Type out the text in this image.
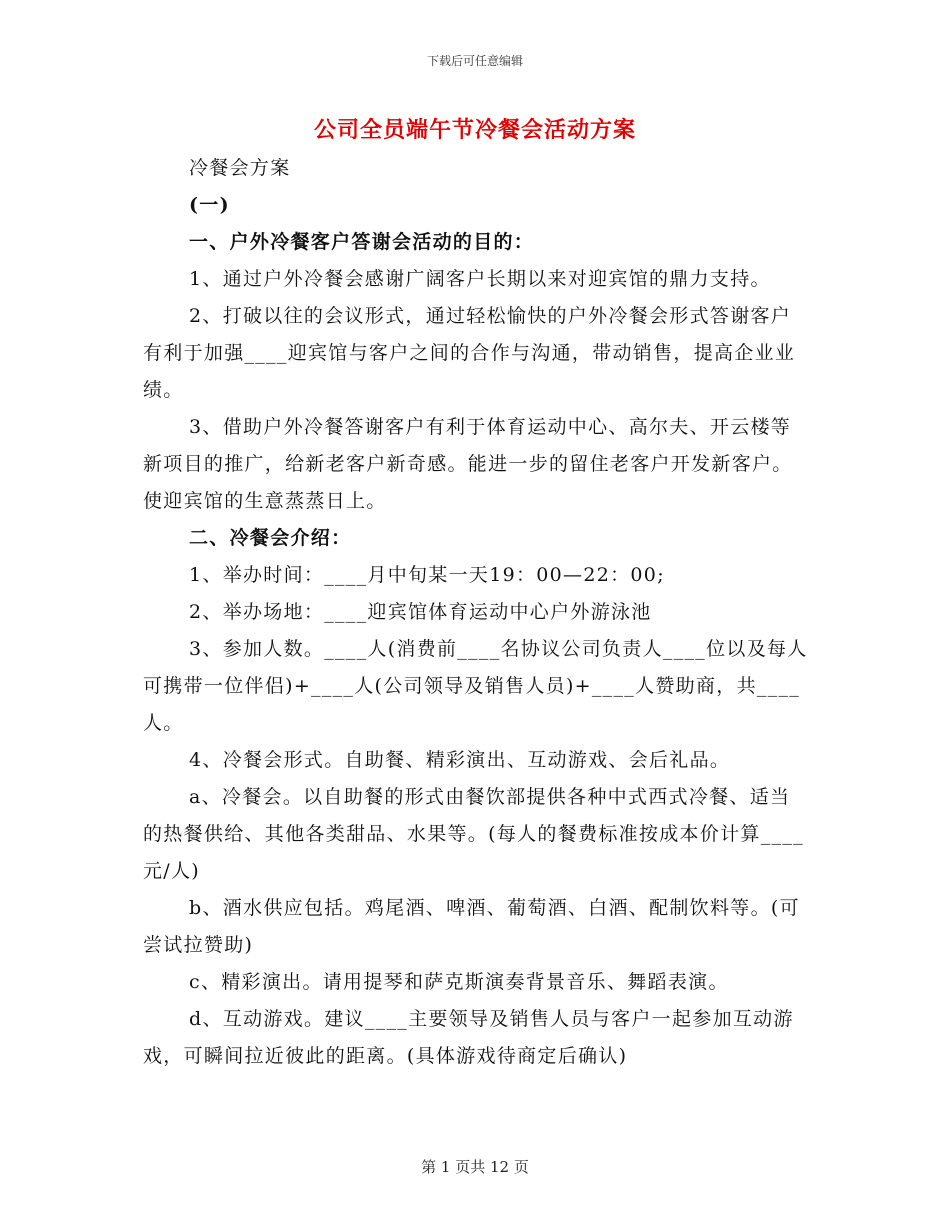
下载后可任意编辑
公司全员端午节冷餐会活动方案

冷餐会方案

(一)

一、户外冷餐客户答谢会活动的目的：

1、通过户外冷餐会感谢广阔客户长期以来对迎宾馆的鼎力支持。

2、打破以往的会议形式，通过轻松愉快的户外冷餐会形式答谢客户有利于加强____迎宾馆与客户之间的合作与沟通，带动销售，提高企业业绩。

3、借助户外冷餐答谢客户有利于体育运动中心、高尔夫、开云楼等新项目的推广，给新老客户新奇感。能进一步的留住老客户开发新客户。使迎宾馆的生意蒸蒸日上。

二、冷餐会介绍：

1、举办时间：____月中旬某一天19：00—22：00;

2、举办场地：____迎宾馆体育运动中心户外游泳池

3、参加人数。____人(消费前____名协议公司负责人____位以及每人可携带一位伴侣)+____人(公司领导及销售人员)+____人赞助商，共____人。

4、冷餐会形式。自助餐、精彩演出、互动游戏、会后礼品。

a、冷餐会。以自助餐的形式由餐饮部提供各种中式西式冷餐、适当的热餐供给、其他各类甜品、水果等。(每人的餐费标准按成本价计算____元/人)

b、酒水供应包括。鸡尾酒、啤酒、葡萄酒、白酒、配制饮料等。(可尝试拉赞助)

c、精彩演出。请用提琴和萨克斯演奏背景音乐、舞蹈表演。

d、互动游戏。建议____主要领导及销售人员与客户一起参加互动游戏，可瞬间拉近彼此的距离。(具体游戏待商定后确认)

第 1 页共 12 页
